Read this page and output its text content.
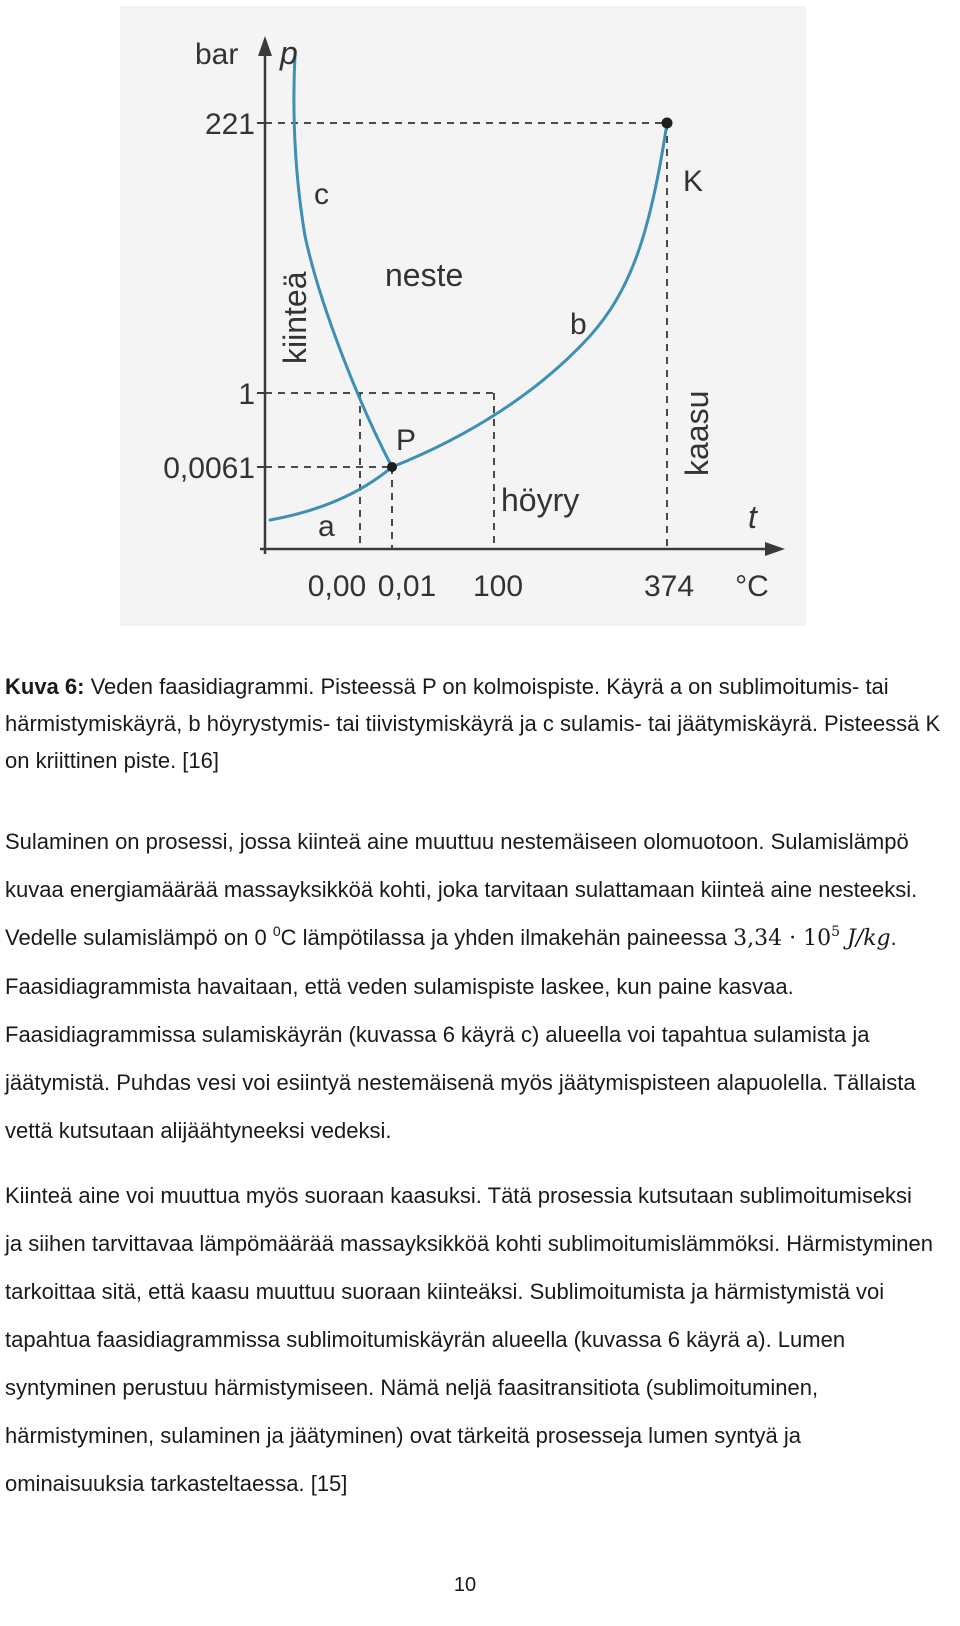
bar p
221
1
0,0061
0,00 0,01 100	374 °C
t
a
b
c
P
K
neste
höyry
kiinteä
kaasu
Kuva 6: Veden faasidiagrammi. Pisteessä P on kolmoispiste. Käyrä a on sublimoitumis- tai härmistymiskäyrä, b höyrystymis- tai tiivistymiskäyrä ja c sulamis- tai jäätymiskäyrä. Pisteessä K on kriittinen piste. [16]

Sulaminen on prosessi, jossa kiinteä aine muuttuu nestemäiseen olomuotoon. Sulamislämpö kuvaa energiamäärää massayksikköä kohti, joka tarvitaan sulattamaan kiinteä aine nesteeksi. Vedelle sulamislämpö on 0 $^0$C lämpötilassa ja yhden ilmakehän paineessa $3,34 \cdot 10^5$ J/kg. Faasidiagrammista havaitaan, että veden sulamispiste laskee, kun paine kasvaa. Faasidiagrammissa sulamiskäyrän (kuvassa 6 käyrä c) alueella voi tapahtua sulamista ja jäätymistä. Puhdas vesi voi esiintyä nestemäisenä myös jäätymispisteen alapuolella. Tällaista vettä kutsutaan alijäähtyneeksi vedeksi.

Kiinteä aine voi muuttua myös suoraan kaasuksi. Tätä prosessia kutsutaan sublimoitumiseksi ja siihen tarvittavaa lämpömäärää massayksikköä kohti sublimoitumislämmöksi. Härmistyminen tarkoittaa sitä, että kaasu muuttuu suoraan kiinteäksi. Sublimoitumista ja härmistymistä voi tapahtua faasidiagrammissa sublimoitumiskäyrän alueella (kuvassa 6 käyrä a). Lumen syntyminen perustuu härmistymiseen. Nämä neljä faasitransitiota (sublimoituminen, härmistyminen, sulaminen ja jäätyminen) ovat tärkeitä prosesseja lumen syntyä ja ominaisuuksia tarkasteltaessa. [15]

10
